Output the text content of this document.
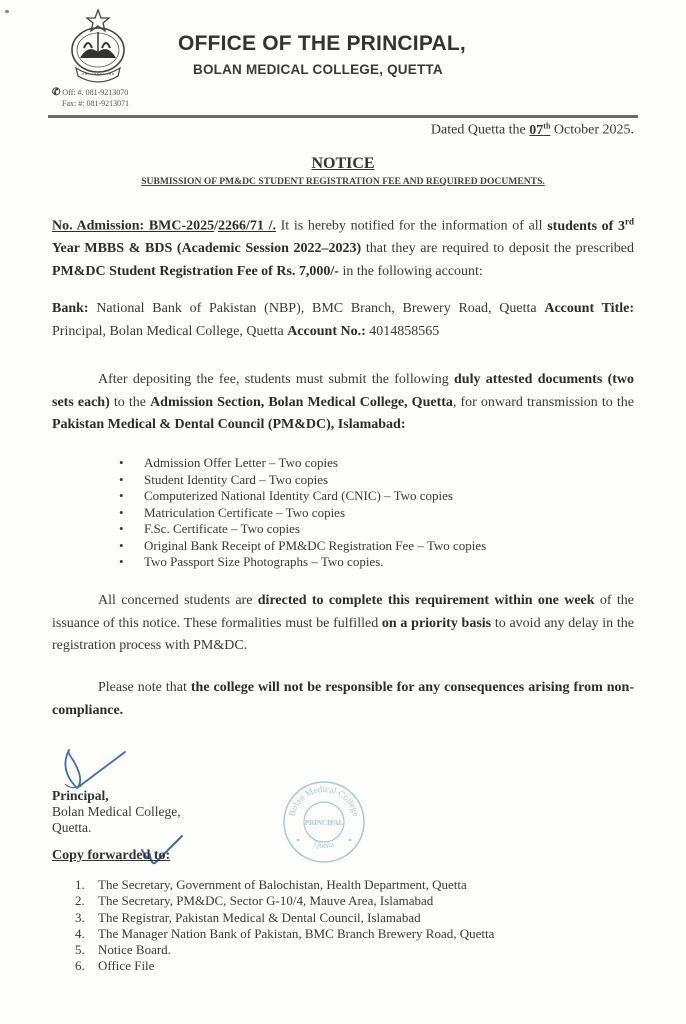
✆ Off: #. 081-9213070
Fax: #: 081-9213071
OFFICE OF THE PRINCIPAL,
BOLAN MEDICAL COLLEGE, QUETTA
Dated Quetta the 07th October 2025.
NOTICE
SUBMISSION OF PM&DC STUDENT REGISTRATION FEE AND REQUIRED DOCUMENTS.
No. Admission: BMC-2025/2266/71 /. It is hereby notified for the information of all students of 3rd Year MBBS & BDS (Academic Session 2022–2023) that they are required to deposit the prescribed PM&DC Student Registration Fee of Rs. 7,000/- in the following account:
Bank: National Bank of Pakistan (NBP), BMC Branch, Brewery Road, Quetta Account Title: Principal, Bolan Medical College, Quetta Account No.: 4014858565
After depositing the fee, students must submit the following duly attested documents (two sets each) to the Admission Section, Bolan Medical College, Quetta, for onward transmission to the Pakistan Medical & Dental Council (PM&DC), Islamabad:
• Admission Offer Letter – Two copies
• Student Identity Card – Two copies
• Computerized National Identity Card (CNIC) – Two copies
• Matriculation Certificate – Two copies
• F.Sc. Certificate – Two copies
• Original Bank Receipt of PM&DC Registration Fee – Two copies
• Two Passport Size Photographs – Two copies.
All concerned students are directed to complete this requirement within one week of the issuance of this notice. These formalities must be fulfilled on a priority basis to avoid any delay in the registration process with PM&DC.
Please note that the college will not be responsible for any consequences arising from non-compliance.
Principal,
Bolan Medical College,
Quetta.
Bolan Medical College
PRINCIPAL
Quetta
Copy forwarded to:
1. The Secretary, Government of Balochistan, Health Department, Quetta
2. The Secretary, PM&DC, Sector G-10/4, Mauve Area, Islamabad
3. The Registrar, Pakistan Medical & Dental Council, Islamabad
4. The Manager Nation Bank of Pakistan, BMC Branch Brewery Road, Quetta
5. Notice Board.
6. Office File
